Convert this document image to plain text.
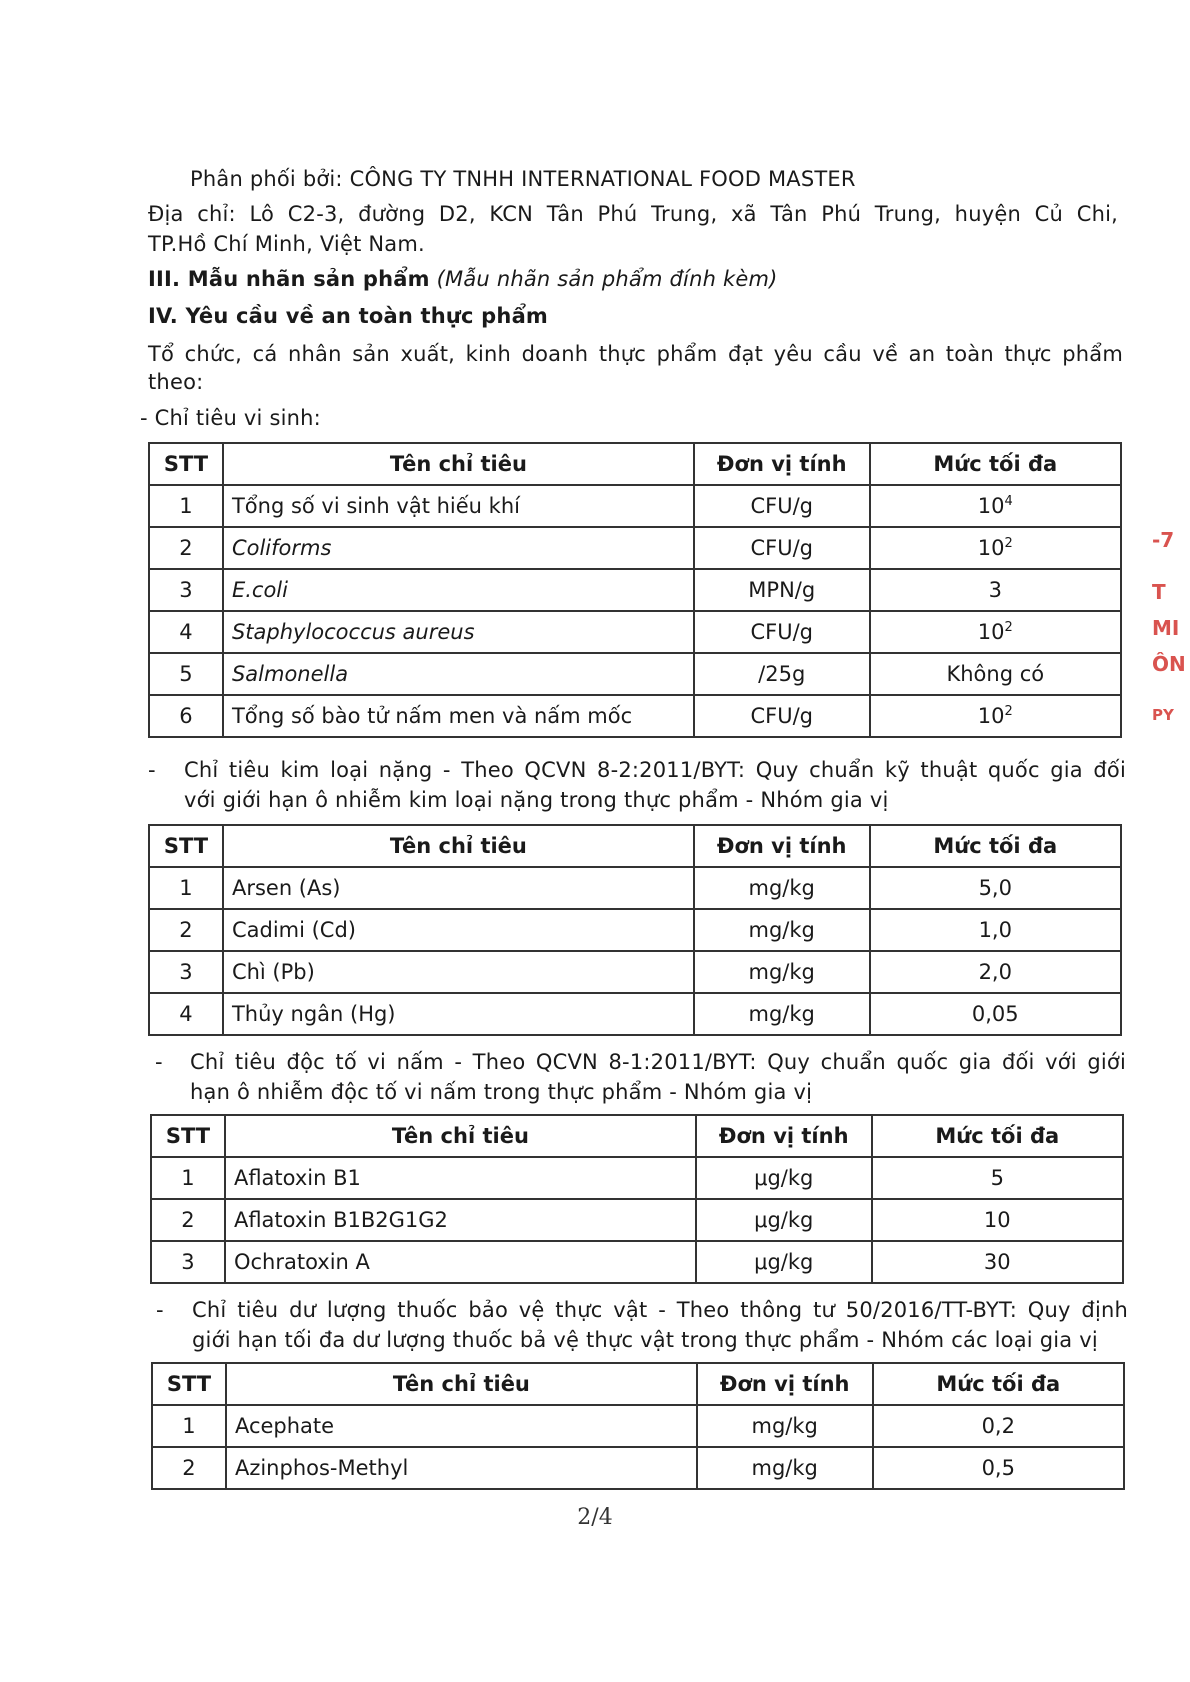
Phân phối bởi: CÔNG TY TNHH INTERNATIONAL FOOD MASTER
Địa chỉ: Lô C2-3, đường D2, KCN Tân Phú Trung, xã Tân Phú Trung, huyện Củ Chi,
TP.Hồ Chí Minh, Việt Nam.
III. Mẫu nhãn sản phẩm (Mẫu nhãn sản phẩm đính kèm)
IV. Yêu cầu về an toàn thực phẩm
Tổ chức, cá nhân sản xuất, kinh doanh thực phẩm đạt yêu cầu về an toàn thực phẩm
theo:
- Chỉ tiêu vi sinh:
STT	Tên chỉ tiêu	Đơn vị tính	Mức tối đa
1	Tổng số vi sinh vật hiếu khí	CFU/g	$10^4$
2	Coliforms	CFU/g	$10^2$
3	E.coli	MPN/g	3
4	Staphylococcus aureus	CFU/g	$10^2$
5	Salmonella	/25g	Không có
6	Tổng số bào tử nấm men và nấm mốc	CFU/g	$10^2$
- Chỉ tiêu kim loại nặng - Theo QCVN 8-2:2011/BYT: Quy chuẩn kỹ thuật quốc gia đối
với giới hạn ô nhiễm kim loại nặng trong thực phẩm - Nhóm gia vị
STT	Tên chỉ tiêu	Đơn vị tính	Mức tối đa
1	Arsen (As)	mg/kg	5,0
2	Cadimi (Cd)	mg/kg	1,0
3	Chì (Pb)	mg/kg	2,0
4	Thủy ngân (Hg)	mg/kg	0,05
- Chỉ tiêu độc tố vi nấm - Theo QCVN 8-1:2011/BYT: Quy chuẩn quốc gia đối với giới
hạn ô nhiễm độc tố vi nấm trong thực phẩm - Nhóm gia vị
STT	Tên chỉ tiêu	Đơn vị tính	Mức tối đa
1	Aflatoxin B1	μg/kg	5
2	Aflatoxin B1B2G1G2	μg/kg	10
3	Ochratoxin A	μg/kg	30
- Chỉ tiêu dư lượng thuốc bảo vệ thực vật - Theo thông tư 50/2016/TT-BYT: Quy định
giới hạn tối đa dư lượng thuốc bả vệ thực vật trong thực phẩm - Nhóm các loại gia vị
STT	Tên chỉ tiêu	Đơn vị tính	Mức tối đa
1	Acephate	mg/kg	0,2
2	Azinphos-Methyl	mg/kg	0,5
-7
T
MI
ÔN
PY
2/4
